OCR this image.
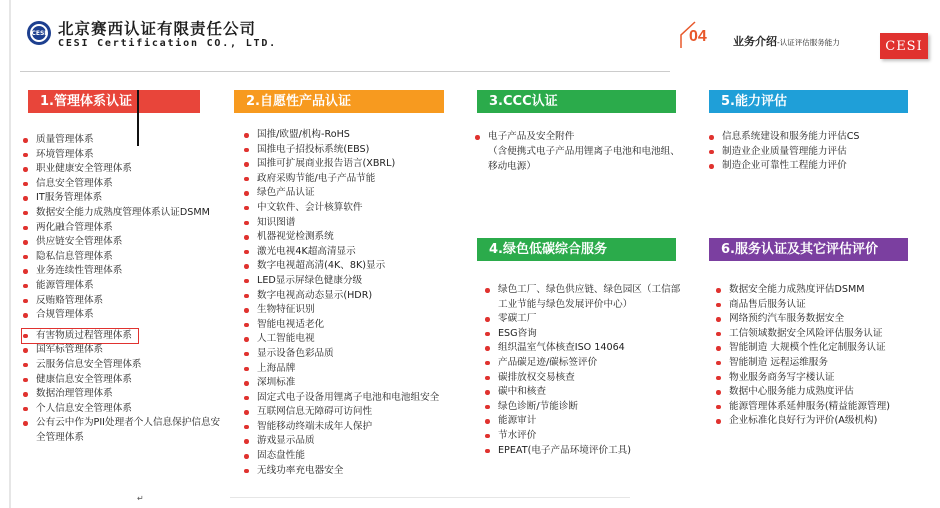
CESI 北京赛西认证有限责任公司
CESI Certification CO., LTD.	04 业务介绍-认证评估服务能力	CESI
1.管理体系认证
质量管理体系
环境管理体系
职业健康安全管理体系
信息安全管理体系
IT服务管理体系
数据安全能力成熟度管理体系认证DSMM
两化融合管理体系
供应链安全管理体系
隐私信息管理体系
业务连续性管理体系
能源管理体系
反贿赂管理体系
合规管理体系
有害物质过程管理体系

国军标管理体系
云服务信息安全管理体系
健康信息安全管理体系
数据治理管理体系
个人信息安全管理体系
公有云中作为PII处理者个人信息保护信息安全管理体系
2.自愿性产品认证
国推/欧盟/机构-RoHS
国推电子招投标系统(EBS)
国推可扩展商业报告语言(XBRL)
政府采购节能/电子产品节能
绿色产品认证
中文软件、会计核算软件
知识图谱
机器视觉检测系统
激光电视4K超高清显示
数字电视超高清(4K、8K)显示
LED显示屏绿色健康分级
数字电视高动态显示(HDR)
生物特征识别
智能电视适老化
人工智能电视
显示设备色彩品质
上海品牌
深圳标准
固定式电子设备用锂离子电池和电池组安全
互联网信息无障碍可访问性
智能移动终端未成年人保护
游戏显示品质
固态盘性能
无线功率充电器安全
3.CCC认证
电子产品及安全附件
（含便携式电子产品用锂离子电池和电池组、移动电源）
4.绿色低碳综合服务
绿色工厂、绿色供应链、绿色园区（工信部工业节能与绿色发展评价中心）
零碳工厂
ESG咨询
组织温室气体核查ISO 14064
产品碳足迹/碳标签评价
碳排放权交易核查
碳中和核查
绿色诊断/节能诊断
能源审计
节水评价
EPEAT(电子产品环境评价工具)
5.能力评估
信息系统建设和服务能力评估CS
制造业企业质量管理能力评估
制造企业可靠性工程能力评价
6.服务认证及其它评估评价
数据安全能力成熟度评估DSMM
商品售后服务认证
网络预约汽车服务数据安全
工信领域数据安全风险评估服务认证
智能制造 大规模个性化定制服务认证
智能制造 远程运维服务
物业服务商务写字楼认证
数据中心服务能力成熟度评估
能源管理体系延伸服务(精益能源管理)
企业标准化良好行为评价(A级机构)
↵
